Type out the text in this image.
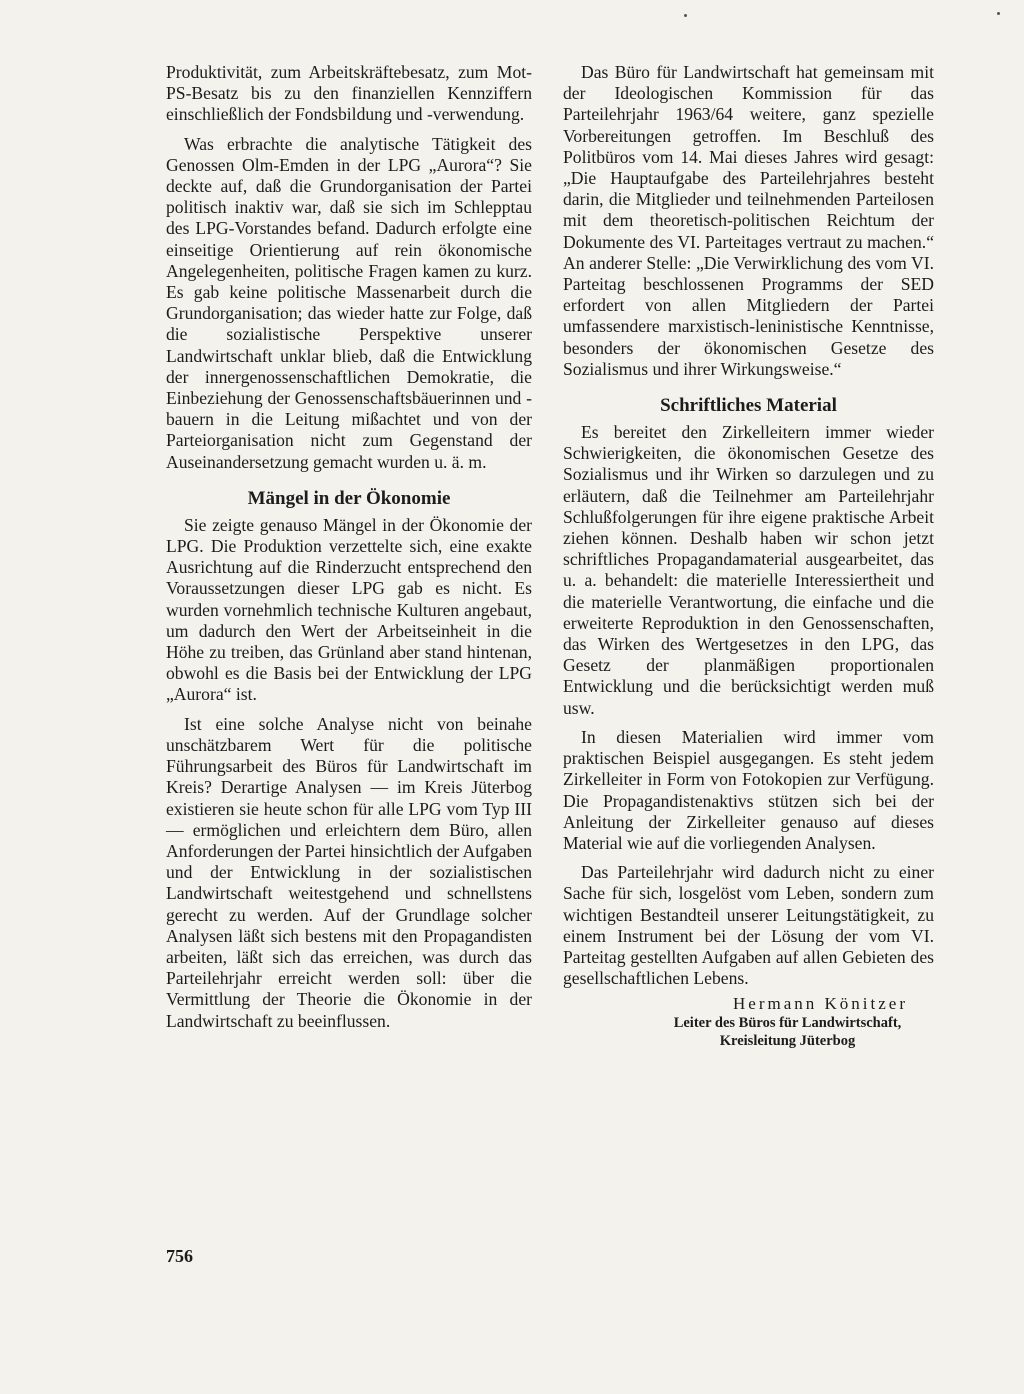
Produktivität, zum Arbeitskräftebesatz, zum Mot-PS-Besatz bis zu den finanziellen Kennziffern einschließlich der Fondsbildung und -verwendung.

Was erbrachte die analytische Tätigkeit des Genossen Olm-Emden in der LPG „Aurora“? Sie deckte auf, daß die Grundorganisation der Partei politisch inaktiv war, daß sie sich im Schlepptau des LPG-Vorstandes befand. Dadurch erfolgte eine einseitige Orientierung auf rein ökonomische Angelegenheiten, politische Fragen kamen zu kurz. Es gab keine politische Massenarbeit durch die Grundorganisation; das wieder hatte zur Folge, daß die sozialistische Perspektive unserer Landwirtschaft unklar blieb, daß die Entwicklung der innergenossenschaftlichen Demokratie, die Einbeziehung der Genossenschaftsbäuerinnen und -bauern in die Leitung mißachtet und von der Parteiorganisation nicht zum Gegenstand der Auseinandersetzung gemacht wurden u. ä. m.

Mängel in der Ökonomie

Sie zeigte genauso Mängel in der Ökonomie der LPG. Die Produktion verzettelte sich, eine exakte Ausrichtung auf die Rinderzucht entsprechend den Voraussetzungen dieser LPG gab es nicht. Es wurden vornehmlich technische Kulturen angebaut, um dadurch den Wert der Arbeitseinheit in die Höhe zu treiben, das Grünland aber stand hintenan, obwohl es die Basis bei der Entwicklung der LPG „Aurora“ ist.

Ist eine solche Analyse nicht von beinahe unschätzbarem Wert für die politische Führungsarbeit des Büros für Landwirtschaft im Kreis? Derartige Analysen — im Kreis Jüterbog existieren sie heute schon für alle LPG vom Typ III — ermöglichen und erleichtern dem Büro, allen Anforderungen der Partei hinsichtlich der Aufgaben und der Entwicklung in der sozialistischen Landwirtschaft weitestgehend und schnellstens gerecht zu werden. Auf der Grundlage solcher Analysen läßt sich bestens mit den Propagandisten arbeiten, läßt sich das erreichen, was durch das Parteilehrjahr erreicht werden soll: über die Vermittlung der Theorie die Ökonomie in der Landwirtschaft zu beeinflussen.

Das Büro für Landwirtschaft hat gemeinsam mit der Ideologischen Kommission für das Parteilehrjahr 1963/64 weitere, ganz spezielle Vorbereitungen getroffen. Im Beschluß des Politbüros vom 14. Mai dieses Jahres wird gesagt: „Die Hauptaufgabe des Parteilehrjahres besteht darin, die Mitglieder und teilnehmenden Parteilosen mit dem theoretisch-politischen Reichtum der Dokumente des VI. Parteitages vertraut zu machen.“ An anderer Stelle: „Die Verwirklichung des vom VI. Parteitag beschlossenen Programms der SED erfordert von allen Mitgliedern der Partei umfassendere marxistisch-leninistische Kenntnisse, besonders der ökonomischen Gesetze des Sozialismus und ihrer Wirkungsweise.“

Schriftliches Material

Es bereitet den Zirkelleitern immer wieder Schwierigkeiten, die ökonomischen Gesetze des Sozialismus und ihr Wirken so darzulegen und zu erläutern, daß die Teilnehmer am Parteilehrjahr Schlußfolgerungen für ihre eigene praktische Arbeit ziehen können. Deshalb haben wir schon jetzt schriftliches Propagandamaterial ausgearbeitet, das u. a. behandelt: die materielle Interessiertheit und die materielle Verantwortung, die einfache und die erweiterte Reproduktion in den Genossenschaften, das Wirken des Wertgesetzes in den LPG, das Gesetz der planmäßigen proportionalen Entwicklung und die berücksichtigt werden muß usw.

In diesen Materialien wird immer vom praktischen Beispiel ausgegangen. Es steht jedem Zirkelleiter in Form von Fotokopien zur Verfügung. Die Propagandistenaktivs stützen sich bei der Anleitung der Zirkelleiter genauso auf dieses Material wie auf die vorliegenden Analysen.

Das Parteilehrjahr wird dadurch nicht zu einer Sache für sich, losgelöst vom Leben, sondern zum wichtigen Bestandteil unserer Leitungstätigkeit, zu einem Instrument bei der Lösung der vom VI. Parteitag gestellten Aufgaben auf allen Gebieten des gesellschaftlichen Lebens.

Hermann Könitzer
Leiter des Büros für Landwirtschaft,
Kreisleitung Jüterbog
756
